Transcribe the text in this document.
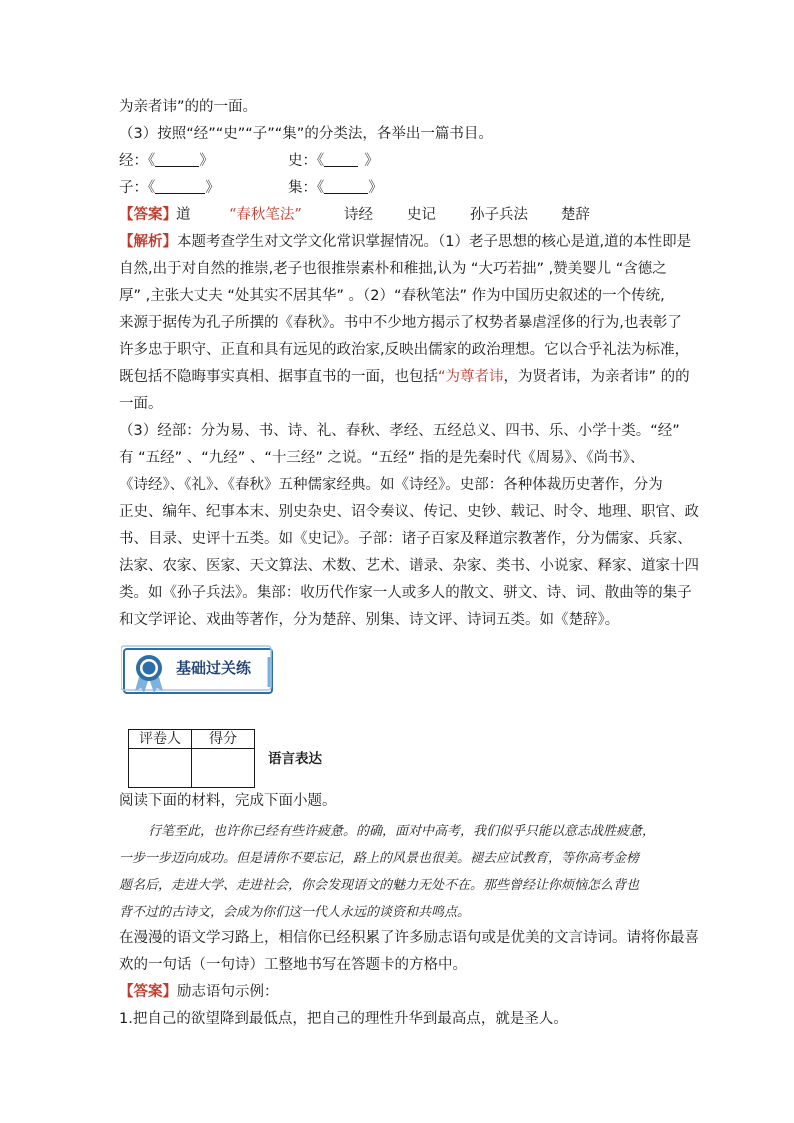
为亲者讳”的的一面。

（3）按照“经”“史”“子”“集”的分类法，各举出一篇书目。

经：《	》	史：《	》
子：《	》	集：《	》
【答案】 道	“春秋笔法”	诗经 史记 孙子兵法 楚辞

【解析】本题考查学生对文学文化常识掌握情况。（1）老子思想的核心是道,道的本性即是

自然,出于对自然的推崇,老子也很推崇素朴和稚拙,认为 “大巧若拙” ,赞美婴儿 “含德之

厚” ,主张大丈夫 “处其实不居其华” 。（2）“春秋笔法” 作为中国历史叙述的一个传统,

来源于据传为孔子所撰的《春秋》。书中不少地方揭示了权势者暴虐淫侈的行为,也表彰了

许多忠于职守、正直和具有远见的政治家,反映出儒家的政治理想。它以合乎礼法为标准，

既包括不隐晦事实真相、据事直书的一面，也包括“为尊者讳，为贤者讳，为亲者讳” 的的

一面。

（3）经部：分为易、书、诗、礼、春秋、孝经、五经总义、四书、乐、小学十类。“经”

有 “五经” 、“九经” 、“十三经” 之说。“五经” 指的是先秦时代《周易》、《尚书》、

《诗经》、《礼》、《春秋》五种儒家经典。如《诗经》。史部：各种体裁历史著作，分为

正史、编年、纪事本末、别史杂史、诏令奏议、传记、史钞、载记、时令、地理、职官、政

书、目录、史评十五类。如《史记》。子部：诸子百家及释道宗教著作，分为儒家、兵家、

法家、农家、医家、天文算法、术数、艺术、谱录、杂家、类书、小说家、释家、道家十四

类。如《孙子兵法》。集部：收历代作家一人或多人的散文、骈文、诗、词、散曲等的集子

和文学评论、戏曲等著作，分为楚辞、别集、诗文评、诗词五类。如《楚辞》。

基础过关练
评卷人	得分

语言表达

阅读下面的材料，完成下面小题。

行笔至此，也许你已经有些许疲惫。的确，面对中高考，我们似乎只能以意志战胜疲惫，

一步一步迈向成功。但是请你不要忘记，路上的风景也很美。褪去应试教育，等你高考金榜

题名后，走进大学、走进社会，你会发现语文的魅力无处不在。那些曾经让你烦恼怎么背也

背不过的古诗文，会成为你们这一代人永远的谈资和共鸣点。

在漫漫的语文学习路上，相信你已经积累了许多励志语句或是优美的文言诗词。请将你最喜

欢的一句话（一句诗）工整地书写在答题卡的方格中。

【答案】励志语句示例：

1.把自己的欲望降到最低点，把自己的理性升华到最高点，就是圣人。
